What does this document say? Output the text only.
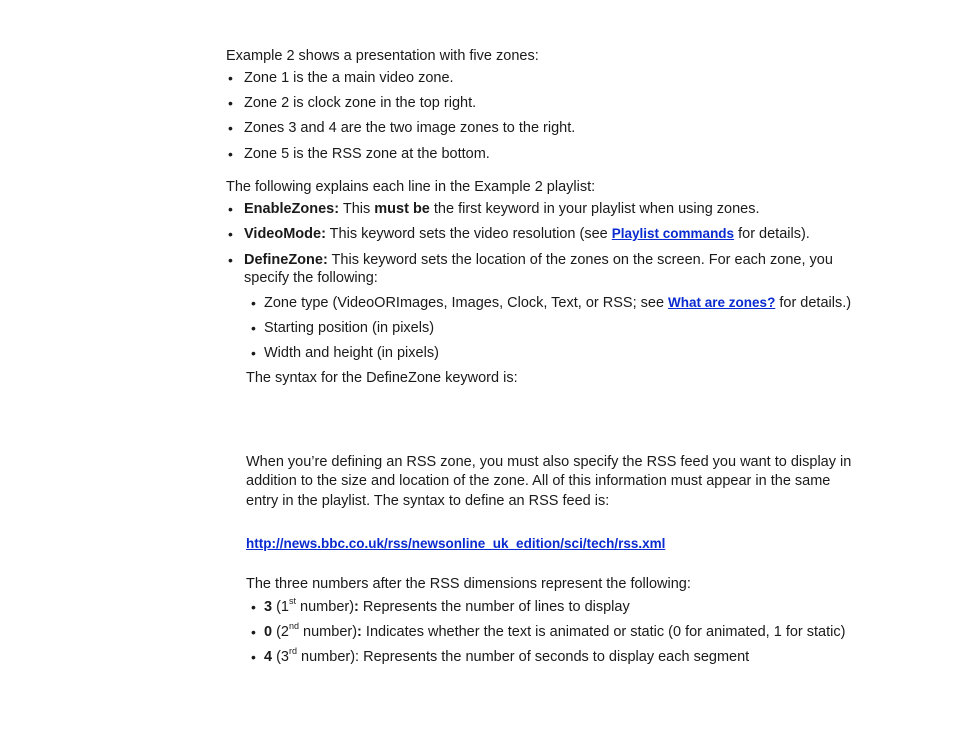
Example 2 shows a presentation with five zones:
• Zone 1 is the a main video zone.
• Zone 2 is clock zone in the top right.
• Zones 3 and 4 are the two image zones to the right.
• Zone 5 is the RSS zone at the bottom.
The following explains each line in the Example 2 playlist:
• EnableZones: This must be the first keyword in your playlist when using zones.
• VideoMode: This keyword sets the video resolution (see Playlist commands for details).
• DefineZone: This keyword sets the location of the zones on the screen. For each zone, you
specify the following:
• Zone type (VideoORImages, Images, Clock, Text, or RSS; see What are zones? for details.)
• Starting position (in pixels)
• Width and height (in pixels)
The syntax for the DefineZone keyword is:
When you’re defining an RSS zone, you must also specify the RSS feed you want to display in
addition to the size and location of the zone. All of this information must appear in the same
entry in the playlist. The syntax to define an RSS feed is:
http://news.bbc.co.uk/rss/newsonline_uk_edition/sci/tech/rss.xml
The three numbers after the RSS dimensions represent the following:
• 3 (1st number): Represents the number of lines to display
• 0 (2nd number): Indicates whether the text is animated or static (0 for animated, 1 for static)
• 4 (3rd number): Represents the number of seconds to display each segment
